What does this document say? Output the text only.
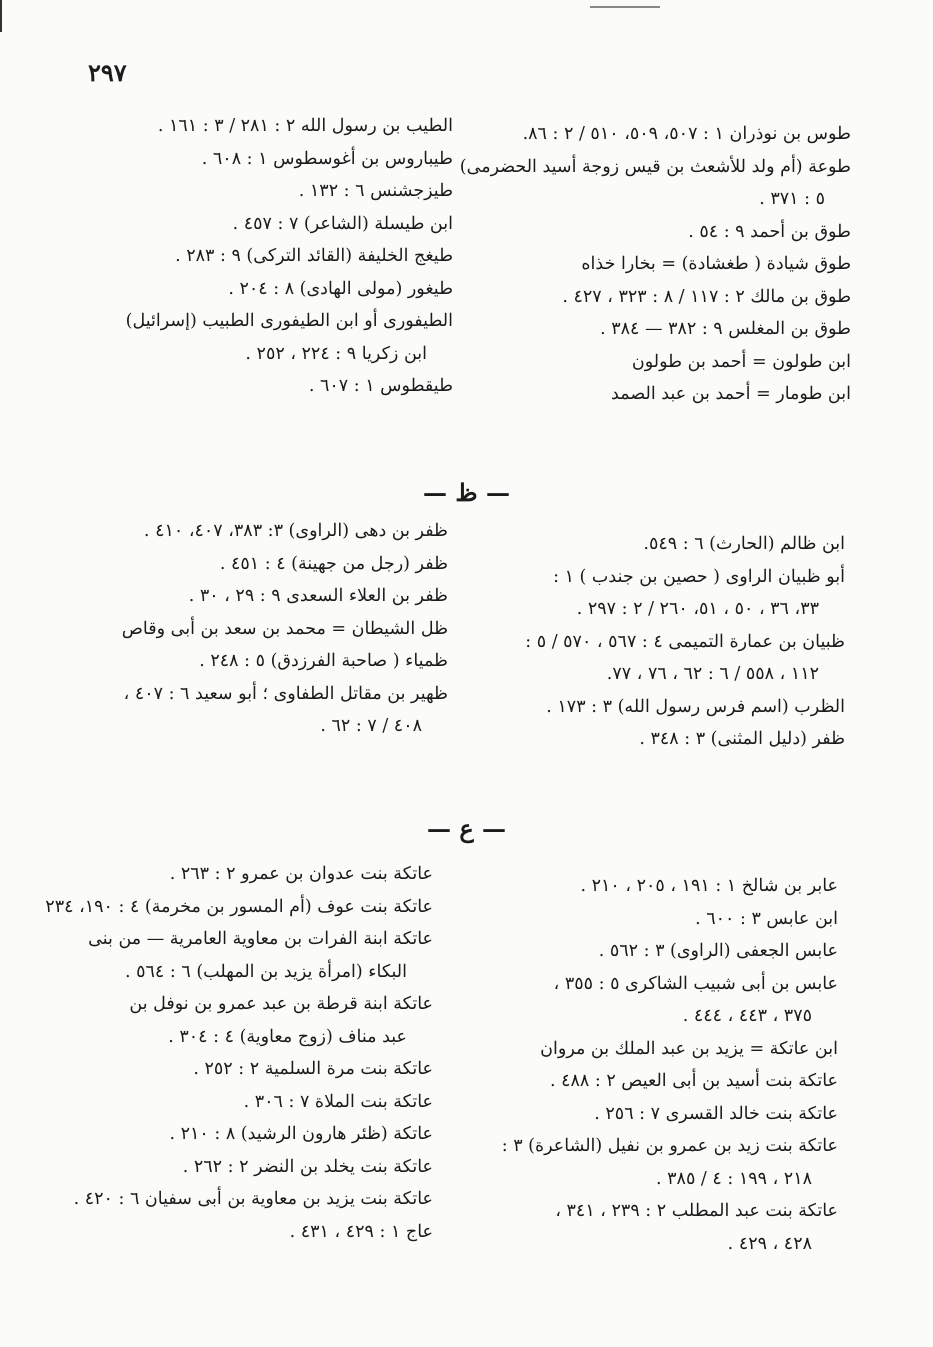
٢٩٧

طوس بن نوذران ١ : ٥٠٧، ٥٠٩، ٥١٠ / ٢ : ٨٦.

طوعة (أم ولد للأشعث بن قيس زوجة أسيد الحضرمى)

٥ : ٣٧١ .

طوق بن أحمد ٩ : ٥٤ .

طوق شيادة ( طغشادة) = بخارا خذاه

طوق بن مالك ٢ : ١١٧ / ٨ : ٣٢٣ ، ٤٢٧ .

طوق بن المغلس ٩ : ٣٨٢ — ٣٨٤ .

ابن طولون = أحمد بن طولون

ابن طومار = أحمد بن عبد الصمد

الطيب بن رسول الله ٢ : ٢٨١ / ٣ : ١٦١ .

طيباروس بن أغوسطوس ١ : ٦٠٨ .

طيزجشنس ٦ : ١٣٢ .

ابن طيسلة (الشاعر) ٧ : ٤٥٧ .

طيغج الخليفة (القائد التركى) ٩ : ٢٨٣ .

طيغور (مولى الهادى) ٨ : ٢٠٤ .

الطيفورى أو ابن الطيفورى الطبيب (إسرائيل)

ابن زكريا ٩ : ٢٢٤ ، ٢٥٢ .

طيقطوس ١ : ٦٠٧ .

— ظ —

ابن ظالم (الحارث) ٦ : ٥٤٩.

أبو ظبيان الراوى ( حصين بن جندب ) ١ :

٣٣، ٣٦ ، ٥٠ ، ٥١، ٢٦٠ / ٢ : ٢٩٧ .

ظبيان بن عمارة التميمى ٤ : ٥٦٧ ، ٥٧٠ / ٥ :

١١٢ ، ٥٥٨ / ٦ : ٦٢ ، ٧٦ ، ٧٧.

الظرب (اسم فرس رسول الله) ٣ : ١٧٣ .

ظفر (دليل المثنى) ٣ : ٣٤٨ .

ظفر بن دهى (الراوى) ٣: ٣٨٣، ٤٠٧، ٤١٠ .

ظفر (رجل من جهينة) ٤ : ٤٥١ .

ظفر بن العلاء السعدى ٩ : ٢٩ ، ٣٠ .

ظل الشيطان = محمد بن سعد بن أبى وقاص

ظمياء ( صاحبة الفرزدق) ٥ : ٢٤٨ .

ظهير بن مقاتل الطفاوى ؛ أبو سعيد ٦ : ٤٠٧ ،

٤٠٨ / ٧ : ٦٢ .

— ع —

عابر بن شالخ ١ : ١٩١ ، ٢٠٥ ، ٢١٠ .

ابن عابس ٣ : ٦٠٠ .

عابس الجعفى (الراوى) ٣ : ٥٦٢ .

عابس بن أبى شبيب الشاكرى ٥ : ٣٥٥ ،

٣٧٥ ، ٤٤٣ ، ٤٤٤ .

ابن عاتكة = يزيد بن عبد الملك بن مروان

عاتكة بنت أسيد بن أبى العيص ٢ : ٤٨٨ .

عاتكة بنت خالد القسرى ٧ : ٢٥٦ .

عاتكة بنت زيد بن عمرو بن نفيل (الشاعرة) ٣ :

٢١٨ ، ١٩٩ : ٤ / ٣٨٥ .

عاتكة بنت عبد المطلب ٢ : ٢٣٩ ، ٣٤١ ،

٤٢٨ ، ٤٢٩ .

عاتكة بنت عدوان بن عمرو ٢ : ٢٦٣ .

عاتكة بنت عوف (أم المسور بن مخرمة) ٤ : ١٩٠، ٢٣٤

عاتكة ابنة الفرات بن معاوية العامرية — من بنى

البكاء (امرأة يزيد بن المهلب) ٦ : ٥٦٤ .

عاتكة ابنة قرطة بن عبد عمرو بن نوفل بن

عبد مناف (زوج معاوية) ٤ : ٣٠٤ .

عاتكة بنت مرة السلمية ٢ : ٢٥٢ .

عاتكة بنت الملاة ٧ : ٣٠٦ .

عاتكة (ظئر هارون الرشيد) ٨ : ٢١٠ .

عاتكة بنت يخلد بن النضر ٢ : ٢٦٢ .

عاتكة بنت يزيد بن معاوية بن أبى سفيان ٦ : ٤٢٠ .

عاج ١ : ٤٢٩ ، ٤٣١ .
